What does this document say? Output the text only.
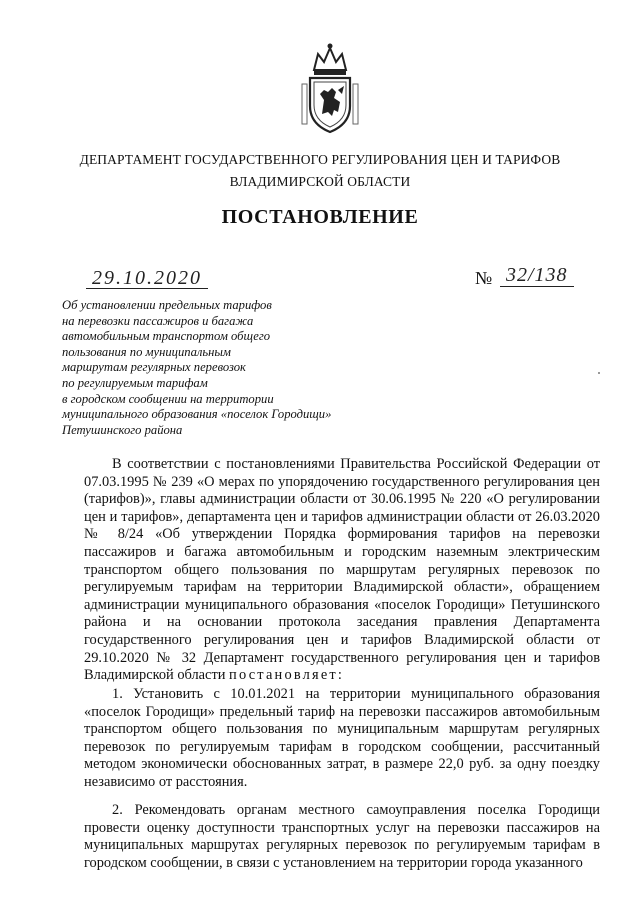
ДЕПАРТАМЕНТ ГОСУДАРСТВЕННОГО РЕГУЛИРОВАНИЯ ЦЕН И ТАРИФОВ
ВЛАДИМИРСКОЙ ОБЛАСТИ
ПОСТАНОВЛЕНИЕ
29.10.2020	№ 32/138
Об установлении предельных тарифов
на перевозки пассажиров и багажа
автомобильным транспортом общего
пользования по муниципальным
маршрутам регулярных перевозок
по регулируемым тарифам
в городском сообщении на территории
муниципального образования «поселок Городищи»
Петушинского района

В соответствии с постановлениями Правительства Российской Федерации от 07.03.1995 № 239 «О мерах по упорядочению государственного регулирования цен (тарифов)», главы администрации области от 30.06.1995 № 220 «О регулировании цен и тарифов», департамента цен и тарифов администрации области от 26.03.2020 № 8/24 «Об утверждении Порядка формирования тарифов на перевозки пассажиров и багажа автомобильным и городским наземным электрическим транспортом общего пользования по маршрутам регулярных перевозок по регулируемым тарифам на территории Владимирской области», обращением администрации муниципального образования «поселок Городищи» Петушинского района и на основании протокола заседания правления Департамента государственного регулирования цен и тарифов Владимирской области от 29.10.2020 № 32 Департамент государственного регулирования цен и тарифов Владимирской области постановляет:

1. Установить с 10.01.2021 на территории муниципального образования «поселок Городищи» предельный тариф на перевозки пассажиров автомобильным транспортом общего пользования по муниципальным маршрутам регулярных перевозок по регулируемым тарифам в городском сообщении, рассчитанный методом экономически обоснованных затрат, в размере 22,0 руб. за одну поездку независимо от расстояния.

2. Рекомендовать органам местного самоуправления поселка Городищи провести оценку доступности транспортных услуг на перевозки пассажиров на муниципальных маршрутах регулярных перевозок по регулируемым тарифам в городском сообщении, в связи с установлением на территории города указанного
